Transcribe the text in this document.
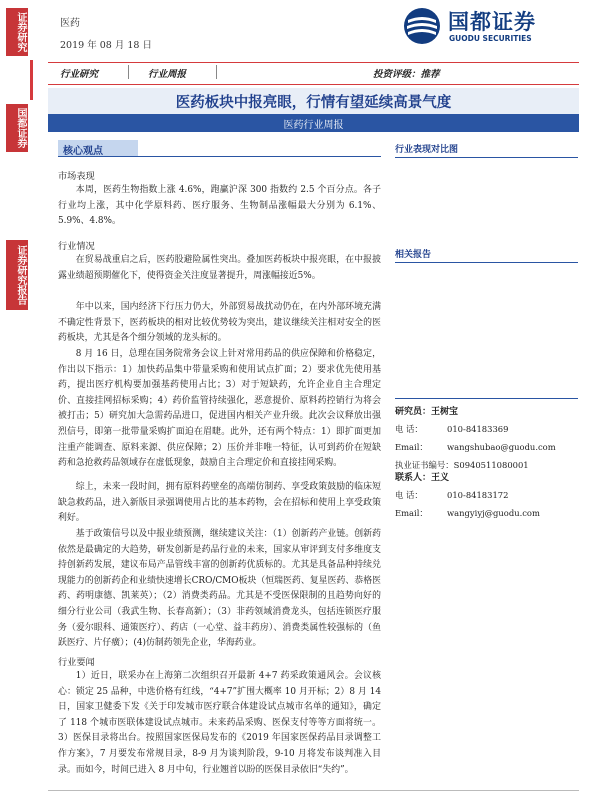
证券研究
国都证券
证券研究报告
医药
2019 年 08 月 18 日
国都证券
GUODU SECURITIES
行业研究	行业周报	投资评级：推荐
医药板块中报亮眼，行情有望延续高景气度
医药行业周报
核心观点
市场表现
本周，医药生物指数上涨 4.6%，跑赢沪深 300 指数约 2.5 个百分点。各子行业均上涨，其中化学原料药、医疗服务、生物制品涨幅最大分别为 6.1%、5.9%、4.8%。
行业情况
在贸易战重启之后，医药股避险属性突出。叠加医药板块中报亮眼，在中报披露业绩超预期催化下，使得资金关注度显著提升，周涨幅接近5%。
年中以来，国内经济下行压力仍大，外部贸易战扰动仍在，在内外部环境充满不确定性背景下，医药板块的相对比较优势较为突出，建议继续关注相对安全的医药板块，尤其是各个细分领域的龙头标的。
8 月 16 日，总理在国务院常务会议上针对常用药品的供应保障和价格稳定，作出以下指示：1）加快药品集中带量采购和使用试点扩面；2）要求优先使用基药，提出医疗机构要加强基药使用占比；3）对于短缺药，允许企业自主合理定价、直接挂网招标采购；4）药价监管持续强化，恶意提价、原料药控销行为将会被打击；5）研究加大急需药品进口，促进国内相关产业升级。此次会议释放出强烈信号，即第一批带量采购扩面迫在眉睫。此外，还有两个特点：1）即扩面更加注重产能调查、原料来源、供应保障；2）压价并非唯一特征，认可到药价在短缺药和急抢救药品领域存在虚低现象，鼓励自主合理定价和直接挂网采购。
综上，未来一段时间，拥有原料药壁垒的高端仿制药、享受政策鼓励的临床短缺急救药品，进入新版目录强调使用占比的基本药物，会在招标和使用上享受政策利好。
基于政策信号以及中报业绩预测，继续建议关注：（1）创新药产业链。创新药依然是最确定的大趋势，研发创新是药品行业的未来，国家从审评到支付多维度支持创新药发展，建议布局产品管线丰富的创新药优质标的。尤其是具备品种持续兑现能力的创新药企和业绩快速增长CRO/CMO板块（恒瑞医药、复星医药、恭格医药、药明康德、凯莱英）；（2）消费类药品。尤其是不受医保限制的且趋势向好的细分行业公司（我武生物、长春高新）；（3）非药领域消费龙头，包括连锁医疗服务（爱尔眼科、通策医疗）、药店（一心堂、益丰药房）、消费类属性较强标的（鱼跃医疗、片仔癀）；(4)仿制药领先企业，华海药业。
行业要闻
1）近日，联采办在上海第二次组织召开最新 4+7 药采政策通风会。会议核心：锁定 25 品种，中选价格有红线，“4+7”扩围大概率 10 月开标；2）8 月 14 日，国家卫健委下发《关于印发城市医疗联合体建设试点城市名单的通知》，确定了 118 个城市医联体建设试点城市。未来药品采购、医保支付等等方面将统一。3）医保目录将出台。按照国家医保局发布的《2019 年国家医保药品目录调整工作方案》，7 月要发布常规目录，8-9 月为谈判阶段，9-10 月将发布谈判准入目录。而如今，时间已进入 8 月中旬，行业翘首以盼的医保目录依旧“失约”。
行业表现对比图
相关报告
研究员：王树宝
电 话：	010-84183369
Email： wangshubao@guodu.com
执业证书编号：S0940511080001
联系人：王义
电 话：	010-84183172
Email： wangyiyj@guodu.com
